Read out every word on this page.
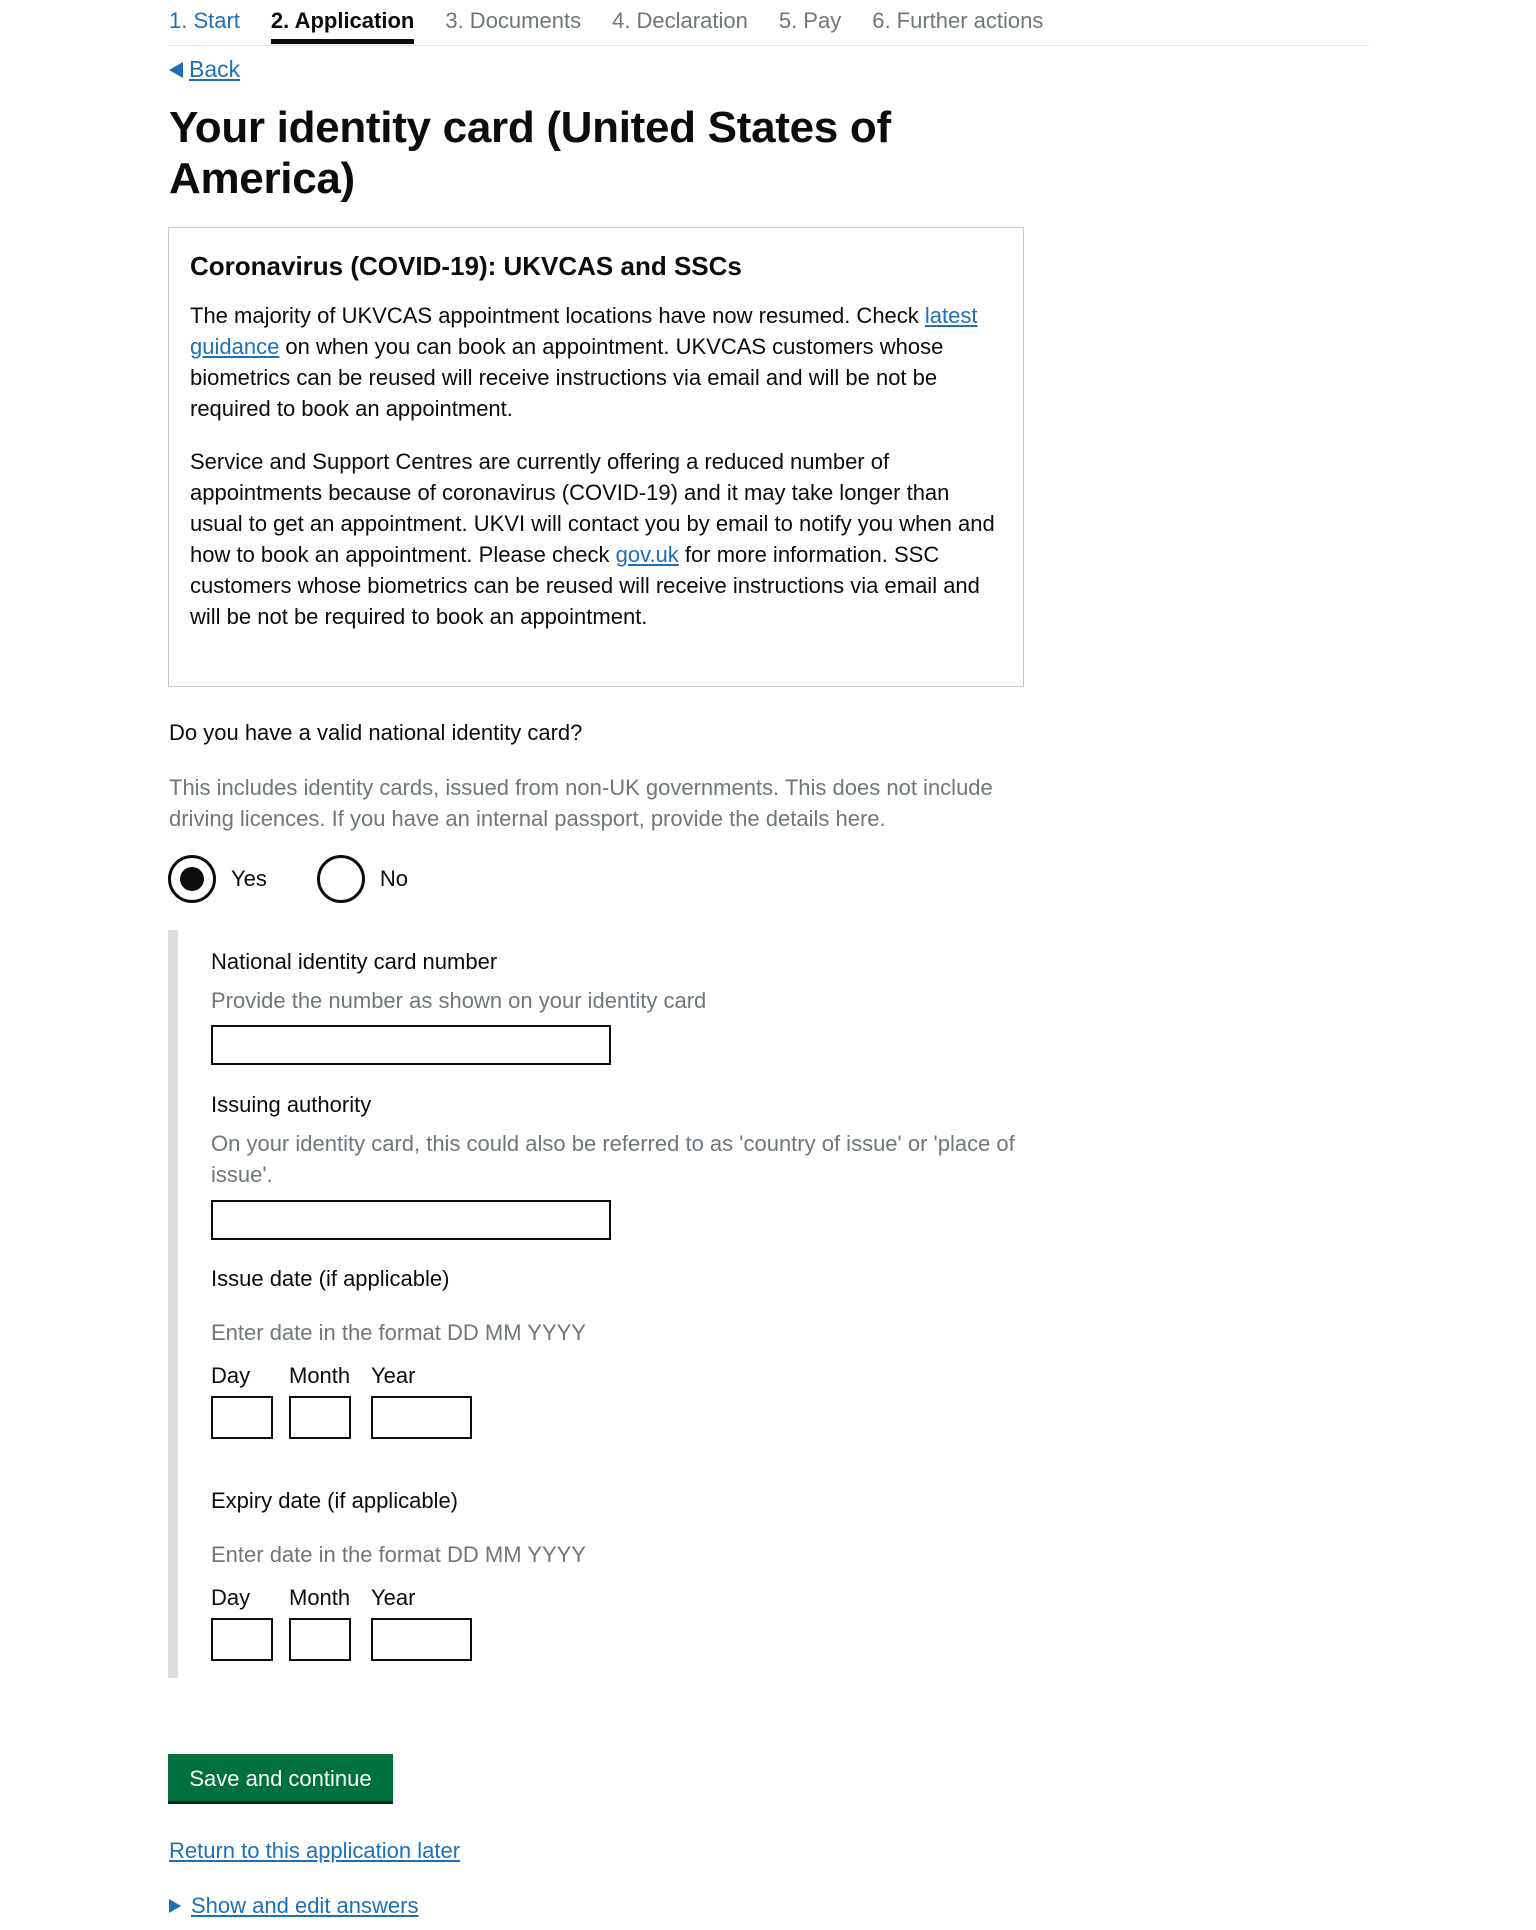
1. Start 2. Application 3. Documents 4. Declaration 5. Pay 6. Further actions
Back
Your identity card (United States of America)
Coronavirus (COVID-19): UKVCAS and SSCs

The majority of UKVCAS appointment locations have now resumed. Check latest guidance on when you can book an appointment. UKVCAS customers whose biometrics can be reused will receive instructions via email and will be not be required to book an appointment.

Service and Support Centres are currently offering a reduced number of appointments because of coronavirus (COVID-19) and it may take longer than usual to get an appointment. UKVI will contact you by email to notify you when and how to book an appointment. Please check gov.uk for more information. SSC customers whose biometrics can be reused will receive instructions via email and will be not be required to book an appointment.

Do you have a valid national identity card?
This includes identity cards, issued from non-UK governments. This does not include driving licences. If you have an internal passport, provide the details here.
Yes	No
National identity card number
Provide the number as shown on your identity card
Issuing authority
On your identity card, this could also be referred to as 'country of issue' or 'place of issue'.
Issue date (if applicable)
Enter date in the format DD MM YYYY
Day Month Year
Expiry date (if applicable)
Enter date in the format DD MM YYYY
Day Month Year
Save and continue
Return to this application later
Show and edit answers
